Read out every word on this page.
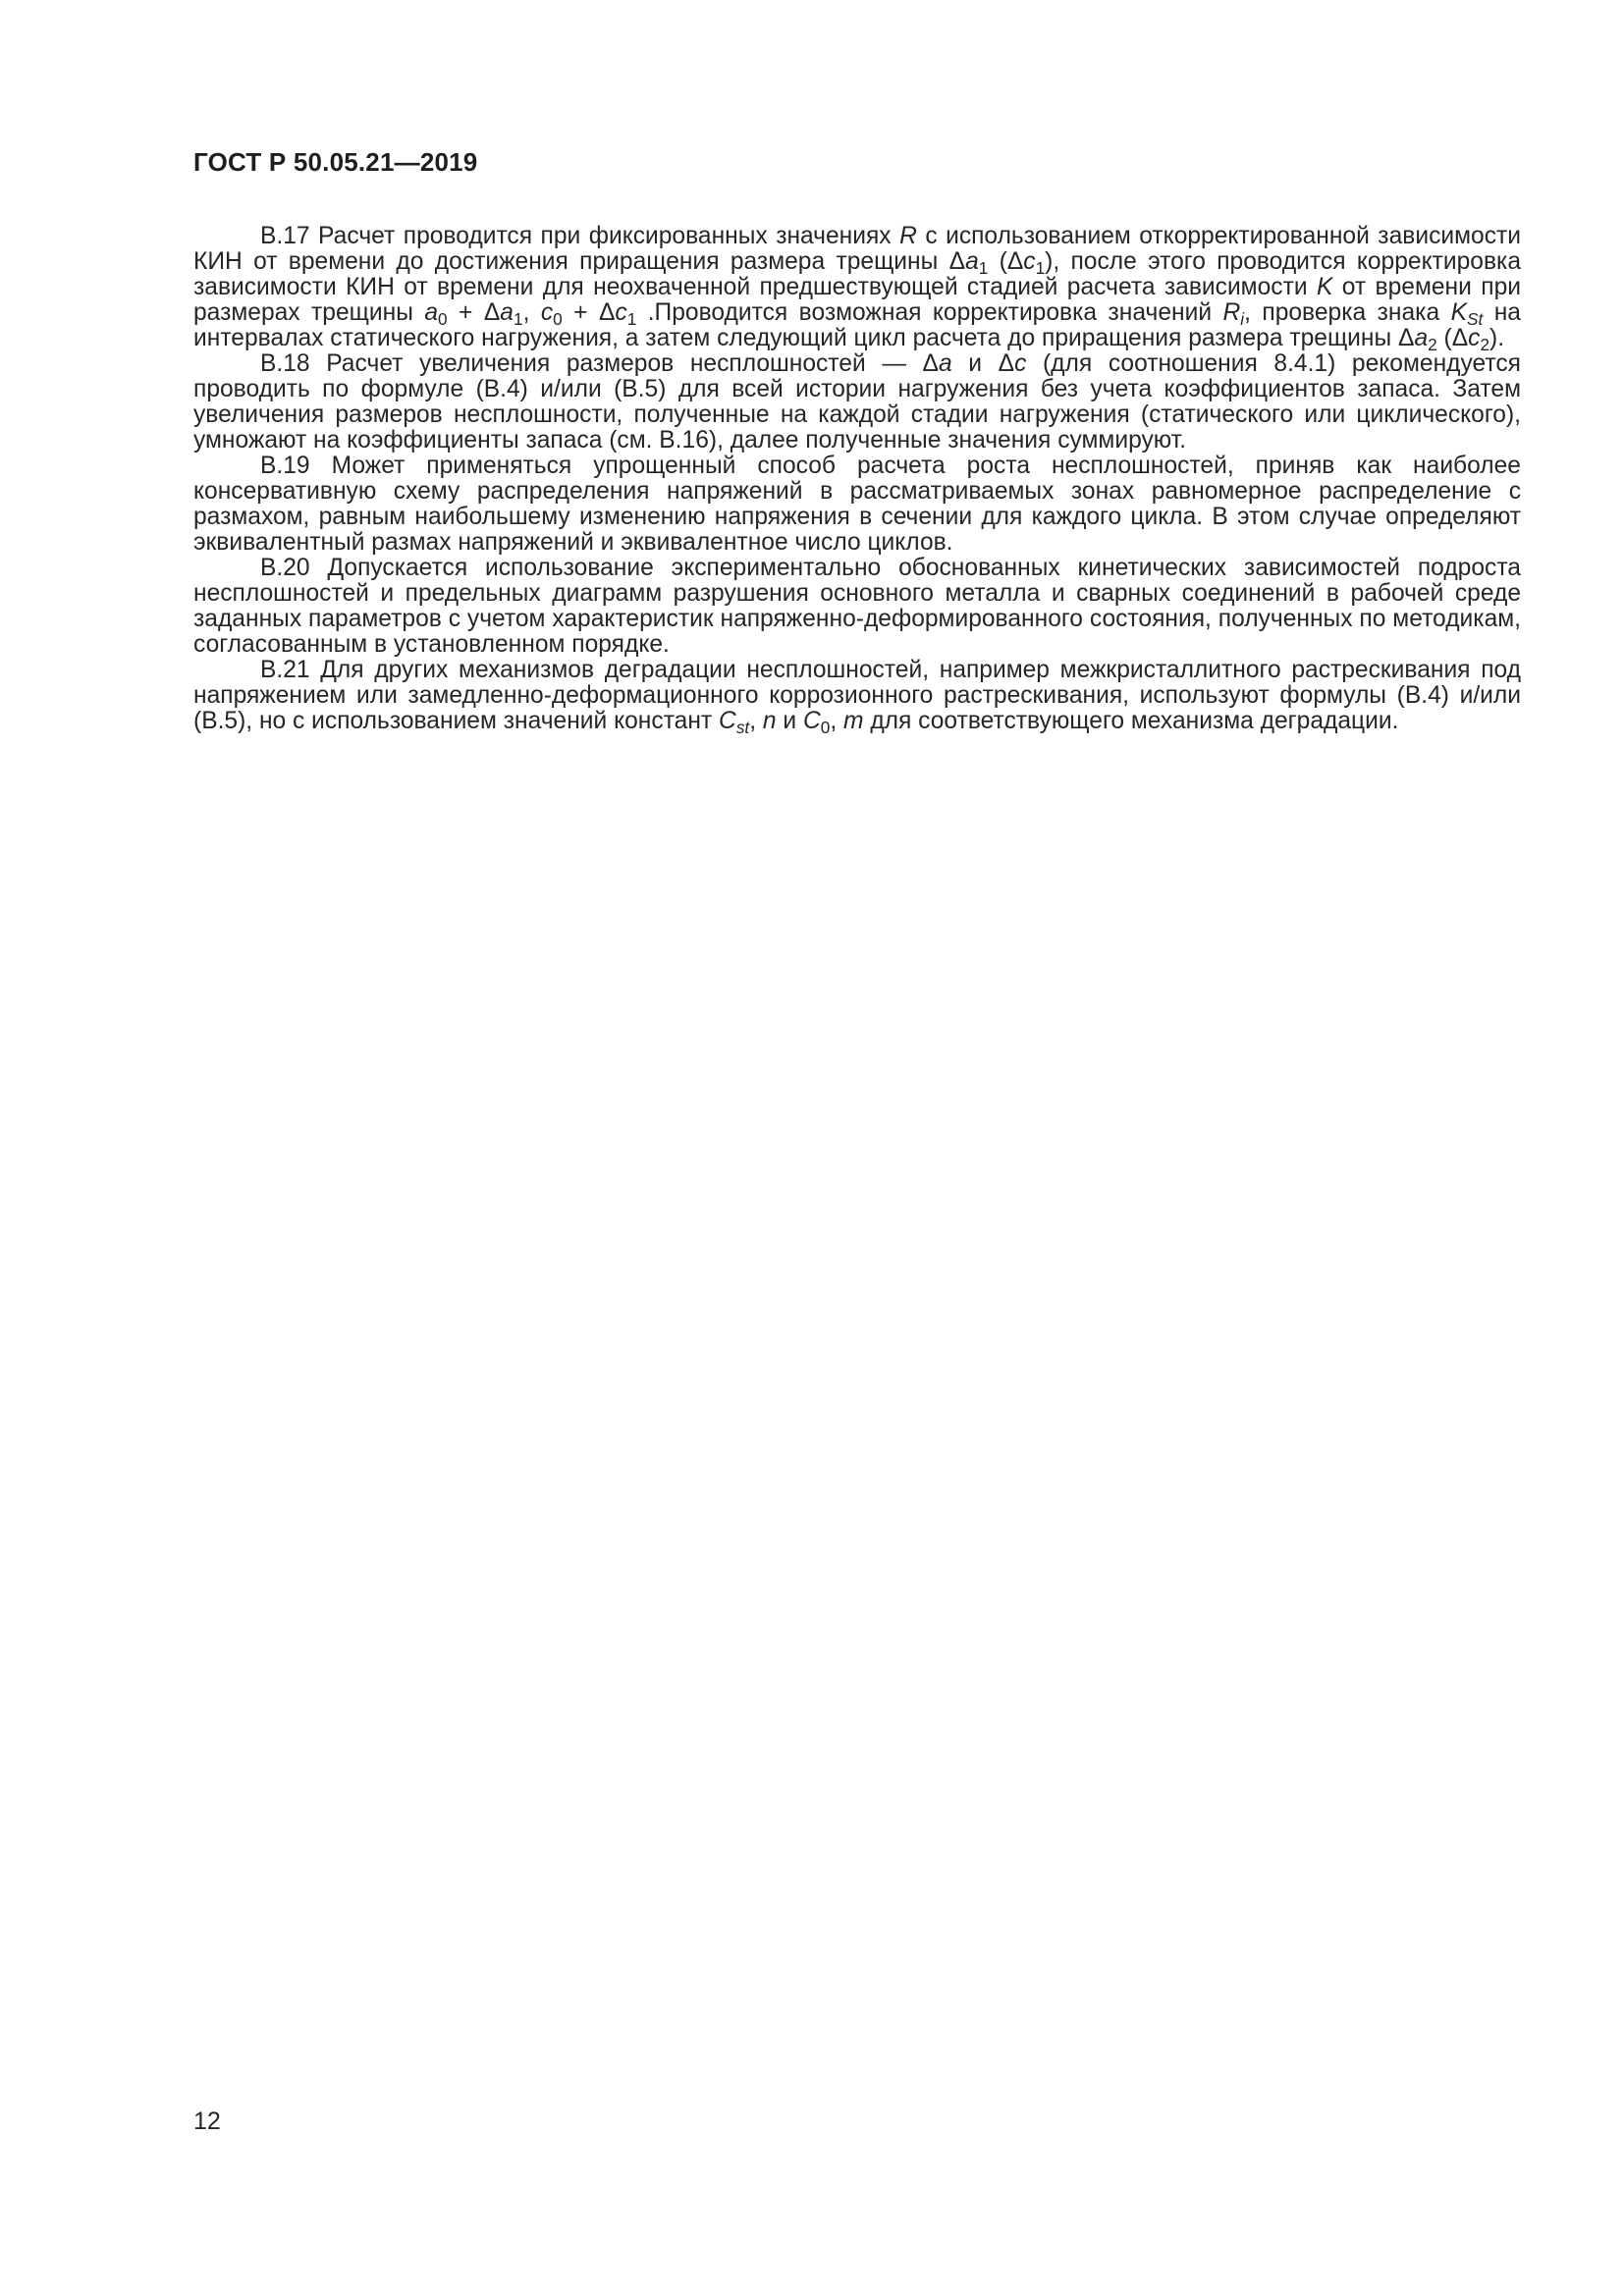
ГОСТ Р 50.05.21—2019

В.17 Расчет проводится при фиксированных значениях R с использованием откорректированной зависимости КИН от времени до достижения приращения размера трещины $\Delta a_1$ $(\Delta c_1)$, после этого проводится корректировка зависимости КИН от времени для неохваченной предшествующей стадией расчета зависимости K от времени при размерах трещины $a_0 + \Delta a_1$, $c_0 + \Delta c_1$ .Проводится возможная корректировка значений $R_i$, проверка знака $K_{St}$ на интервалах статического нагружения, а затем следующий цикл расчета до приращения размера трещины $\Delta a_2$ $(\Delta c_2)$.

В.18 Расчет увеличения размеров несплошностей — Δa и Δc (для соотношения 8.4.1) рекомендуется проводить по формуле (В.4) и/или (В.5) для всей истории нагружения без учета коэффициентов запаса. Затем увеличения размеров несплошности, полученные на каждой стадии нагружения (статического или циклического), умножают на коэффициенты запаса (см. В.16), далее полученные значения суммируют.

В.19 Может применяться упрощенный способ расчета роста несплошностей, приняв как наиболее консервативную схему распределения напряжений в рассматриваемых зонах равномерное распределение с размахом, равным наибольшему изменению напряжения в сечении для каждого цикла. В этом случае определяют эквивалентный размах напряжений и эквивалентное число циклов.

В.20 Допускается использование экспериментально обоснованных кинетических зависимостей подроста несплошностей и предельных диаграмм разрушения основного металла и сварных соединений в рабочей среде заданных параметров с учетом характеристик напряженно-деформированного состояния, полученных по методикам, согласованным в установленном порядке.

В.21 Для других механизмов деградации несплошностей, например межкристаллитного растрескивания под напряжением или замедленно-деформационного коррозионного растрескивания, используют формулы (В.4) и/или (В.5), но с использованием значений констант $C_{st}$, n и $C_0$, m для соответствующего механизма деградации.

12
